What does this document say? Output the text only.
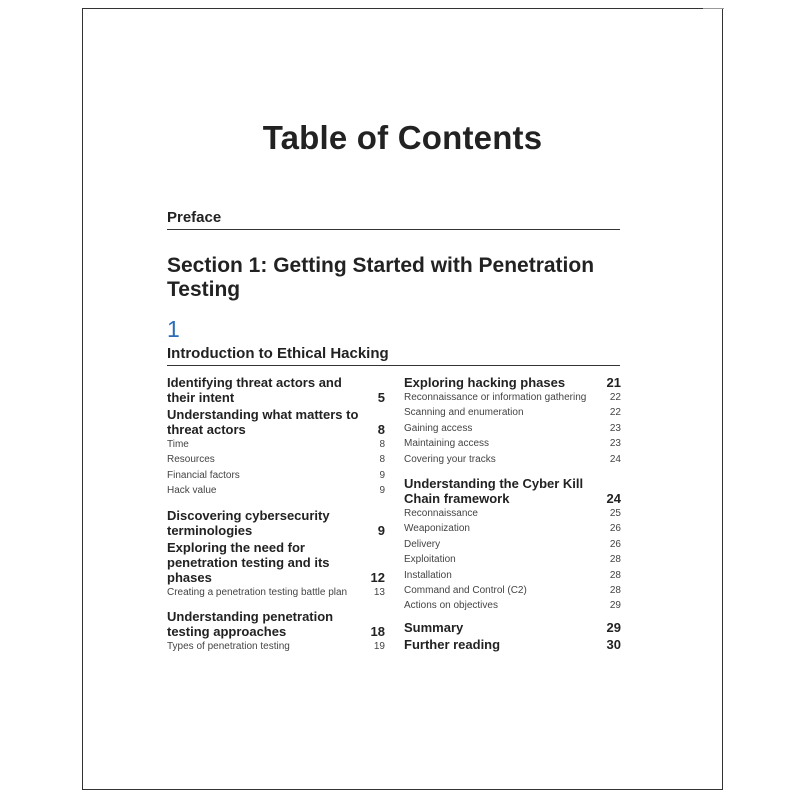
Table of Contents
Preface
Section 1: Getting Started with Penetration Testing
1
Introduction to Ethical Hacking
Identifying threat actors and their intent	5
Understanding what matters to threat actors	8
Time	8
Resources	8
Financial factors	9
Hack value	9
Discovering cybersecurity terminologies	9
Exploring the need for penetration testing and its phases	12
Creating a penetration testing battle plan	13
Understanding penetration testing approaches	18
Types of penetration testing	19
Exploring hacking phases	21
Reconnaissance or information gathering	22
Scanning and enumeration	22
Gaining access	23
Maintaining access	23
Covering your tracks	24
Understanding the Cyber Kill Chain framework	24
Reconnaissance	25
Weaponization	26
Delivery	26
Exploitation	28
Installation	28
Command and Control (C2)	28
Actions on objectives	29
Summary	29
Further reading	30
